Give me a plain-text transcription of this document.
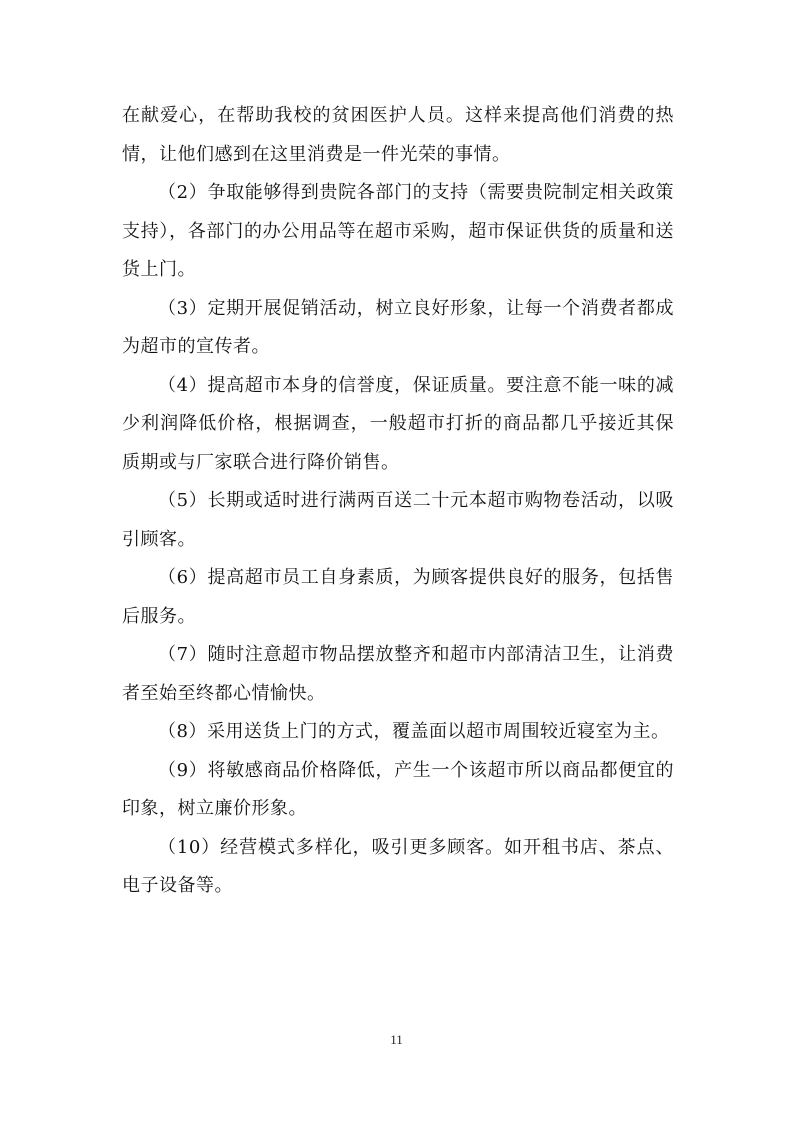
在献爱心，在帮助我校的贫困医护人员。这样来提高他们消费的热情，让他们感到在这里消费是一件光荣的事情。

（2）争取能够得到贵院各部门的支持（需要贵院制定相关政策支持），各部门的办公用品等在超市采购，超市保证供货的质量和送货上门。

（3）定期开展促销活动，树立良好形象，让每一个消费者都成为超市的宣传者。

（4）提高超市本身的信誉度，保证质量。要注意不能一味的减少利润降低价格，根据调查，一般超市打折的商品都几乎接近其保质期或与厂家联合进行降价销售。

（5）长期或适时进行满两百送二十元本超市购物卷活动，以吸引顾客。

（6）提高超市员工自身素质，为顾客提供良好的服务，包括售后服务。

（7）随时注意超市物品摆放整齐和超市内部清洁卫生，让消费者至始至终都心情愉快。

（8）采用送货上门的方式，覆盖面以超市周围较近寝室为主。

（9）将敏感商品价格降低，产生一个该超市所以商品都便宜的印象，树立廉价形象。

（10）经营模式多样化，吸引更多顾客。如开租书店、茶点、电子设备等。

11
